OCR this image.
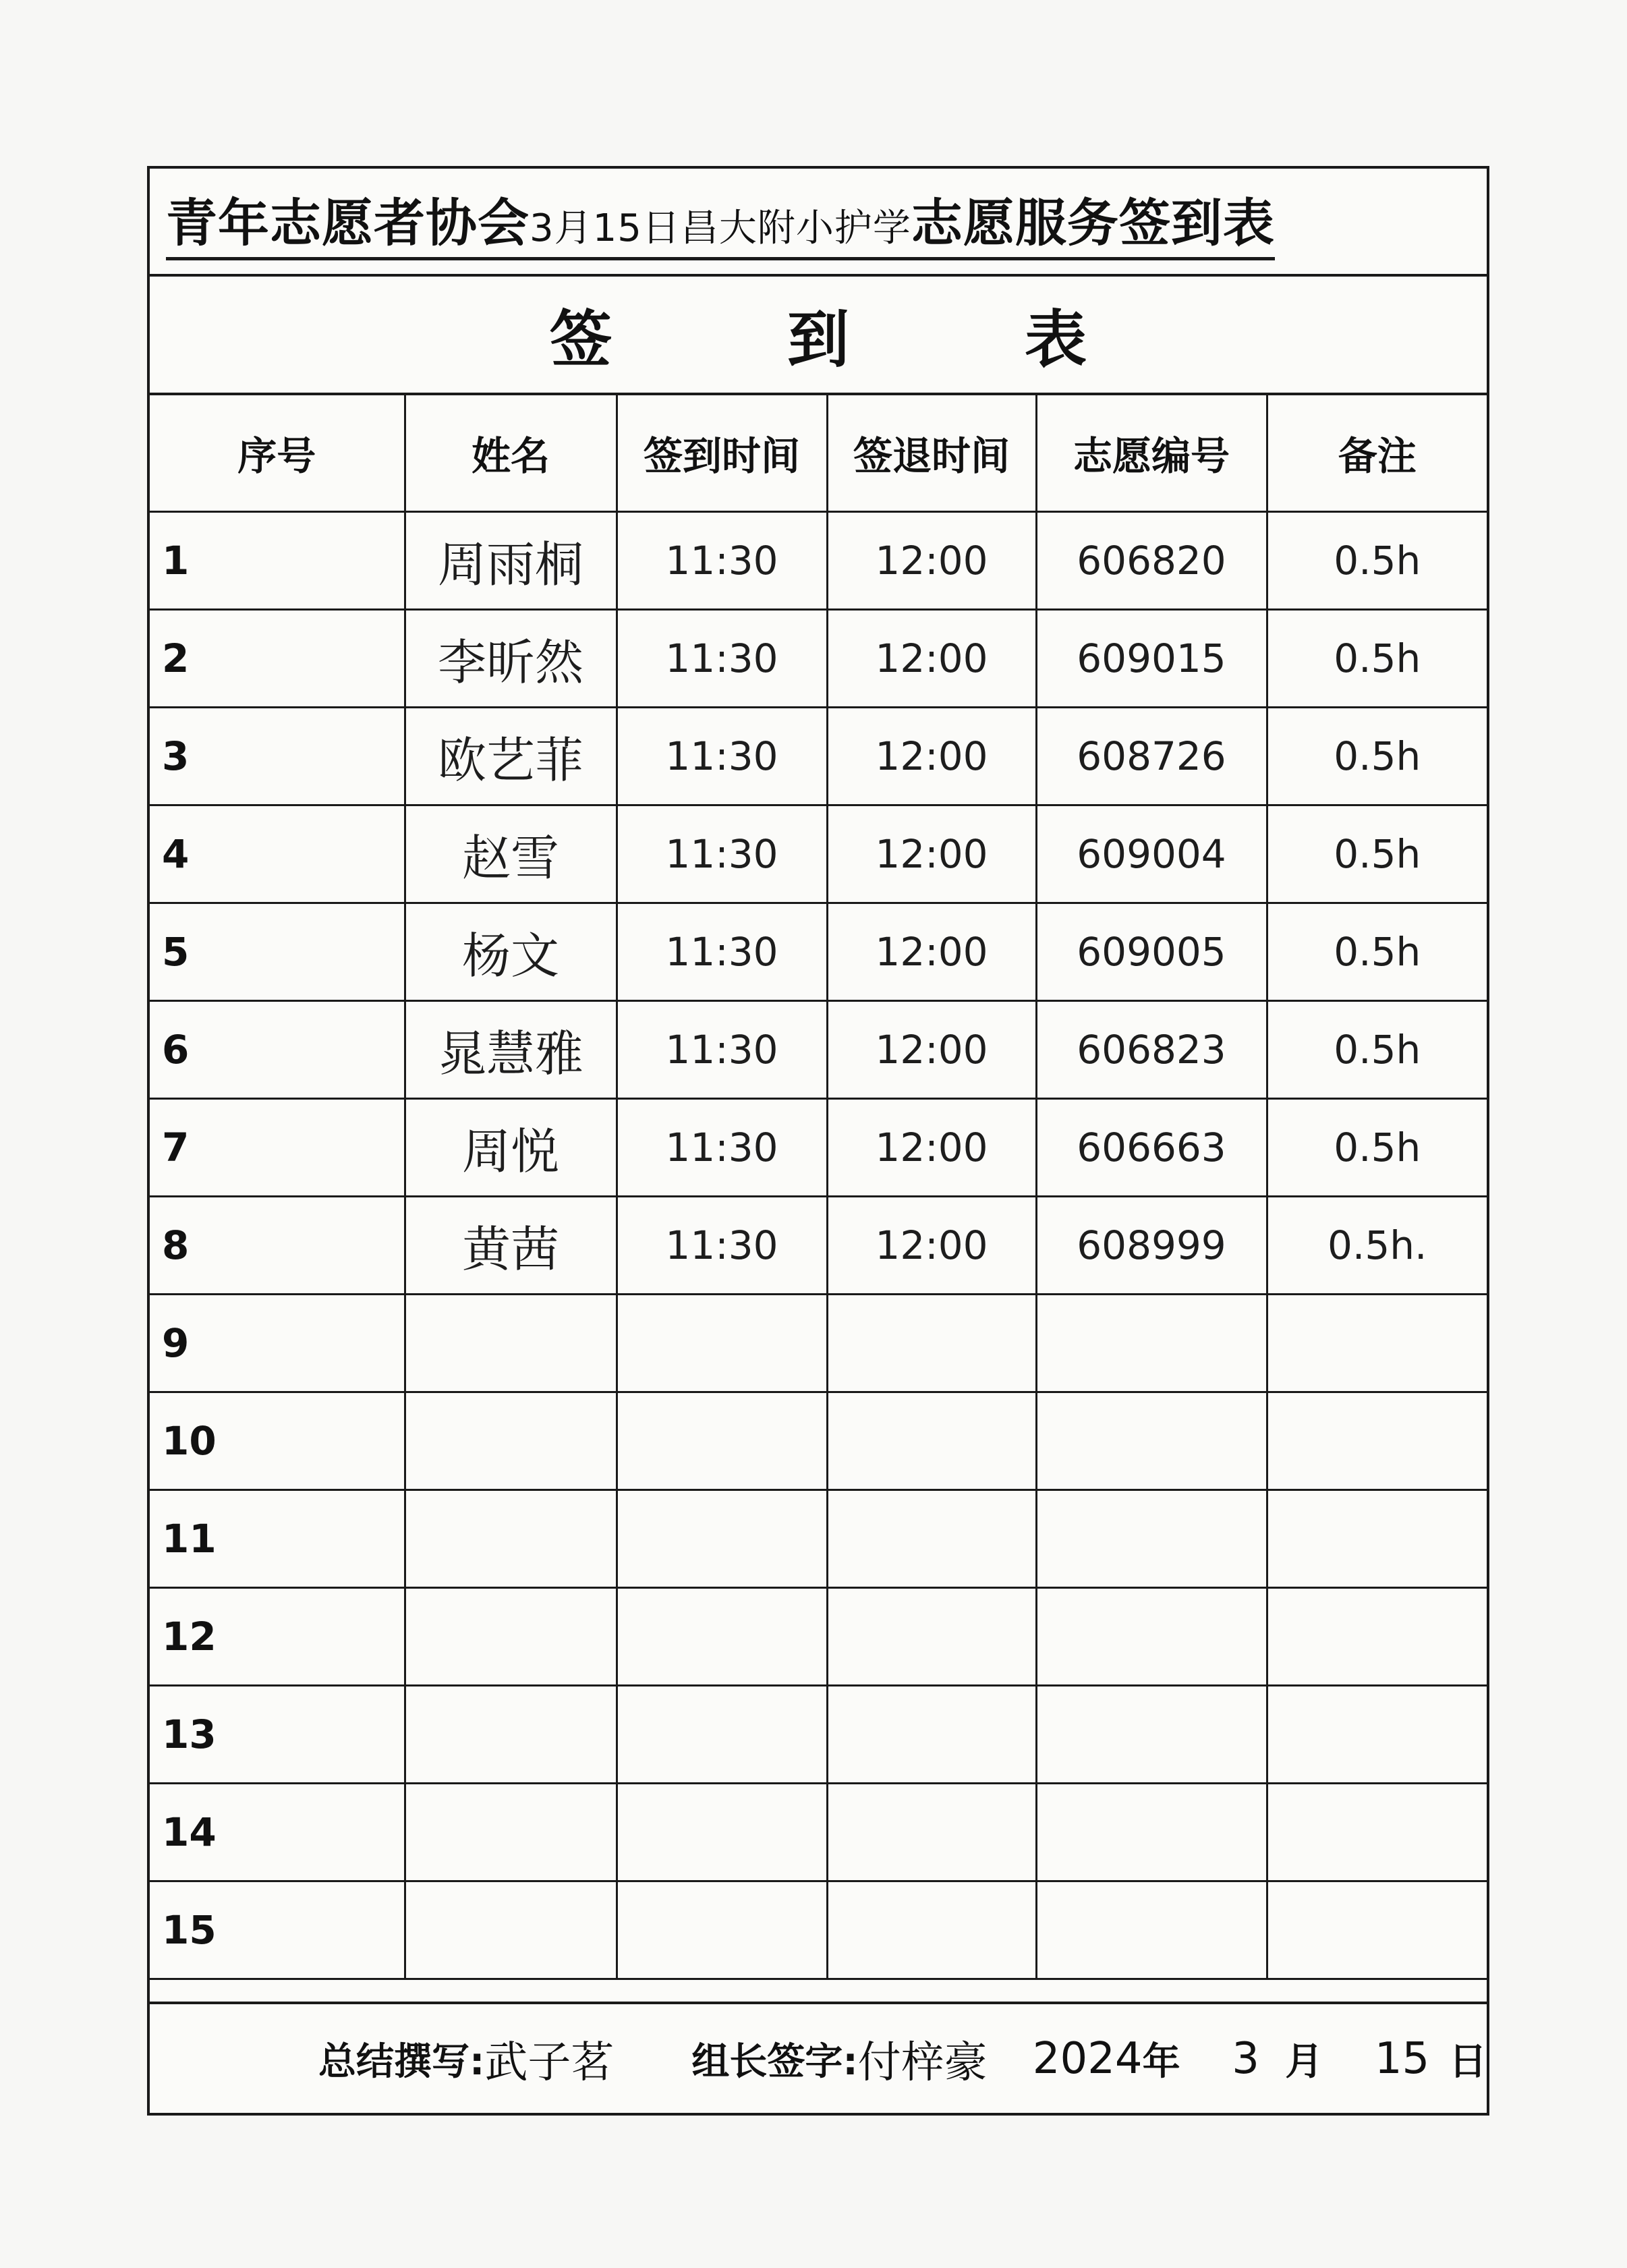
青年志愿者协会3月15日昌大附小护学志愿服务签到表
签到表
序号	姓名	签到时间	签退时间	志愿编号	备注
1	周雨桐	11:30	12:00	606820	0.5h
2	李昕然	11:30	12:00	609015	0.5h
3	欧艺菲	11:30	12:00	608726	0.5h
4	赵雪	11:30	12:00	609004	0.5h
5	杨文	11:30	12:00	609005	0.5h
6	晁慧雅	11:30	12:00	606823	0.5h
7	周悦	11:30	12:00	606663	0.5h
8	黄茜	11:30	12:00	608999	0.5h.
9					
10					
11					
12					
13					
14					
15					
总结撰写: 武子茗 组长签字: 付梓豪 2024 年 3 月 15 日
